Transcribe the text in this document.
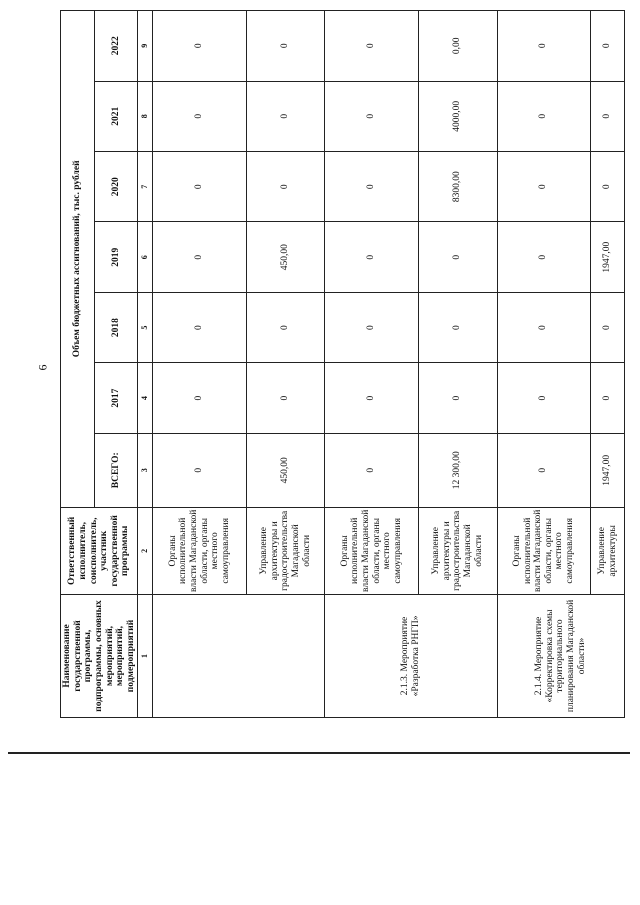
6
Наименование государственной программы, подпрограммы, основных мероприятий, мероприятий, подмероприятий	Ответственный исполнитель, соисполнитель, участник государственной программы	Объем бюджетных ассигнований, тыс. рублей						
		ВСЕГО:	2017	2018	2019	2020	2021	2022
1	2	3	4	5	6	7	8	9
	Органы исполнительной власти Магаданской области, органы местного самоуправления	0	0	0	0	0	0	0
	Управление архитектуры и градостроительства Магаданской области	450,00	0	0	450,00	0	0	0
2.1.3. Мероприятие «Разработка РНГП»	Органы исполнительной власти Магаданской области, органы местного самоуправления	0	0	0	0	0	0	0
	Управление архитектуры и градостроительства Магаданской области	12 300,00	0	0	0	8300,00	4000,00	0,00
2.1.4. Мероприятие «Корректировка схемы территориального планирования Магаданской области»	Органы исполнительной власти Магаданской области, органы местного самоуправления	0	0	0	0	0	0	0
	Управление архитектуры	1947,00	0	0	1947,00	0	0	0
